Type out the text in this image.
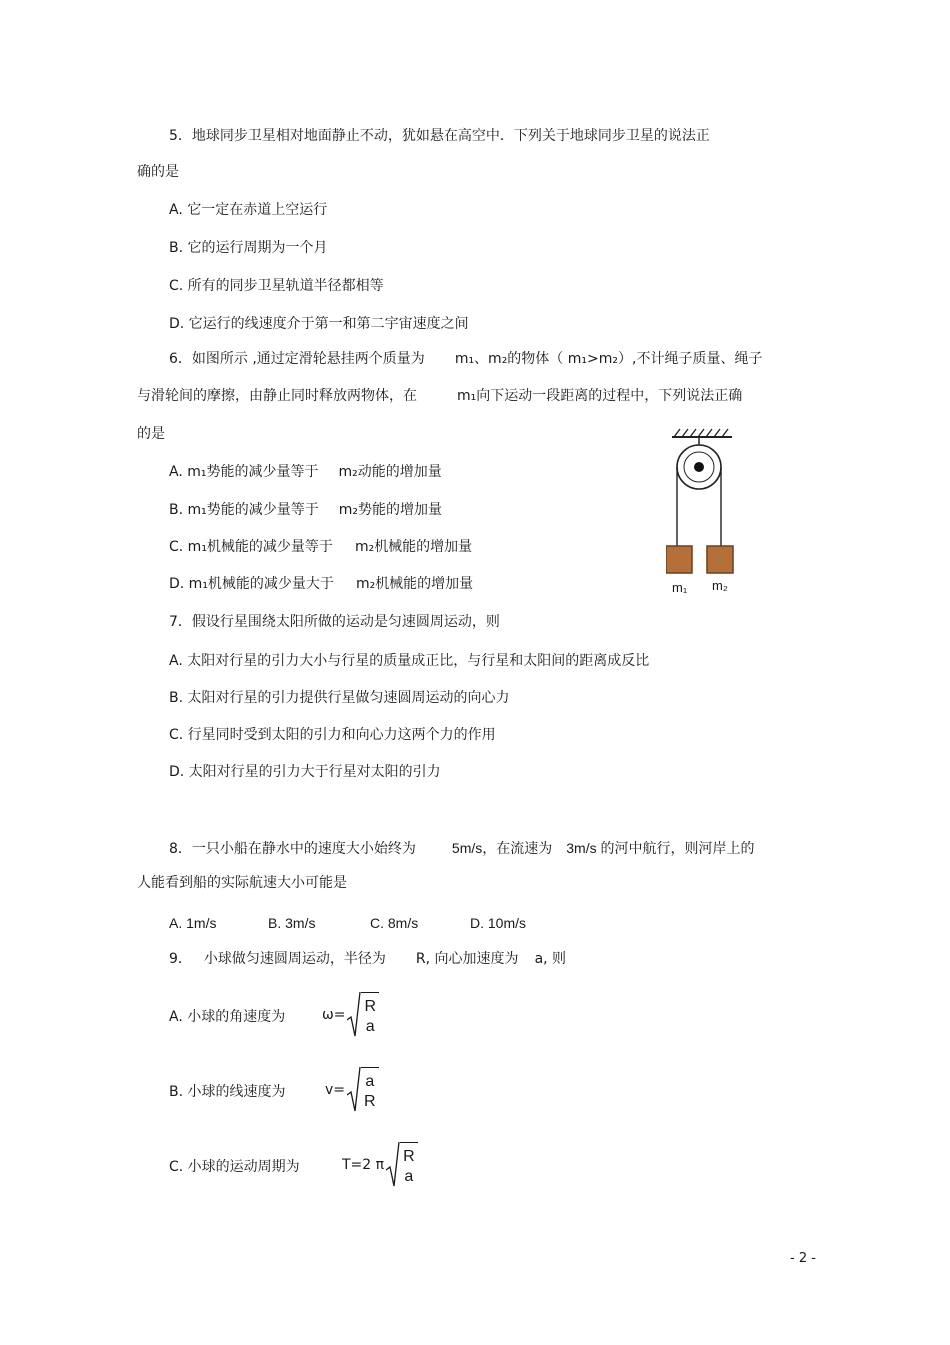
5．地球同步卫星相对地面静止不动，犹如悬在高空中．下列关于地球同步卫星的说法正
确的是
A. 它一定在赤道上空运行
B. 它的运行周期为一个月
C. 所有的同步卫星轨道半径都相等
D. 它运行的线速度介于第一和第二宇宙速度之间
6．如图所示 ,通过定滑轮悬挂两个质量为 m₁、m₂的物体（ m₁>m₂）,不计绳子质量、绳子
与滑轮间的摩擦，由静止同时释放两物体，在	m₁向下运动一段距离的过程中，下列说法正确
的是
A. m₁势能的减少量等于 m₂动能的增加量
B. m₁势能的减少量等于 m₂势能的增加量
C. m₁机械能的减少量等于 m₂机械能的增加量
D. m₁机械能的减少量大于 m₂机械能的增加量	m₁ m₂
7．假设行星围绕太阳所做的运动是匀速圆周运动，则
A. 太阳对行星的引力大小与行星的质量成正比，与行星和太阳间的距离成反比
B. 太阳对行星的引力提供行星做匀速圆周运动的向心力
C. 行星同时受到太阳的引力和向心力这两个力的作用
D. 太阳对行星的引力大于行星对太阳的引力
8．一只小船在静水中的速度大小始终为	5m/s，在流速为 3m/s 的河中航行，则河岸上的
人能看到船的实际航速大小可能是
A. 1m/s	B. 3m/s	C. 8m/s	D. 10m/s
9． 小球做匀速圆周运动，半径为 R, 向心加速度为 a, 则
A. 小球的角速度为	ω=
R
a
B. 小球的线速度为	v=
a
R
C. 小球的运动周期为	T=2 π
R
a
- 2 -
